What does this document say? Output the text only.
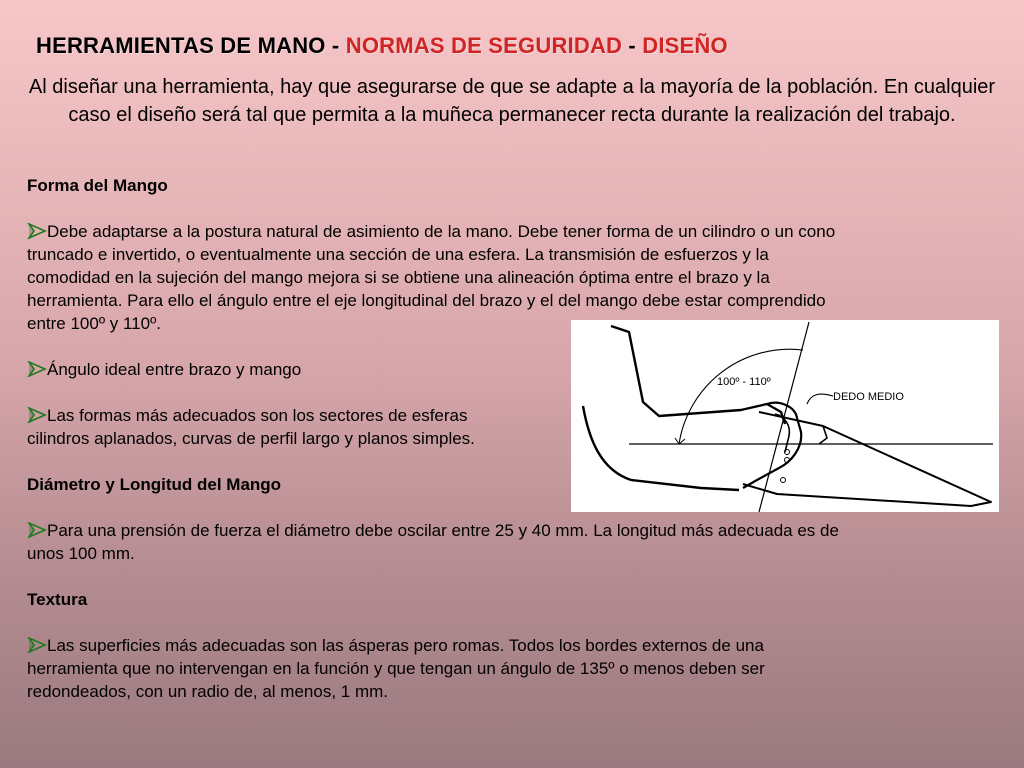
HERRAMIENTAS DE MANO - NORMAS DE SEGURIDAD - DISEÑO
Al diseñar una herramienta, hay que asegurarse de que se adapte a la mayoría de la población. En cualquier caso el diseño será tal que permita a la muñeca permanecer recta durante la realización del trabajo.

Forma del Mango

Debe adaptarse a la postura natural de asimiento de la mano. Debe tener forma de un cilindro o un cono

truncado e invertido, o eventualmente una sección de una esfera. La transmisión de esfuerzos y la

comodidad en la sujeción del mango mejora si se obtiene una alineación óptima entre el brazo y la

herramienta. Para ello el ángulo entre el eje longitudinal del brazo y el del mango debe estar comprendido

entre 100º y 110º.

Ángulo ideal entre brazo y mango

Las formas más adecuados son los sectores de esferas

cilindros aplanados, curvas de perfil largo y planos simples.

Diámetro y Longitud del Mango

Para una prensión de fuerza el diámetro debe oscilar entre 25 y 40 mm. La longitud más adecuada es de

unos 100 mm.

Textura

Las superficies más adecuadas son las ásperas pero romas. Todos los bordes externos de una

herramienta que no intervengan en la función y que tengan un ángulo de 135º o menos deben ser

redondeados, con un radio de, al menos, 1 mm.

100º - 110º
DEDO MEDIO
